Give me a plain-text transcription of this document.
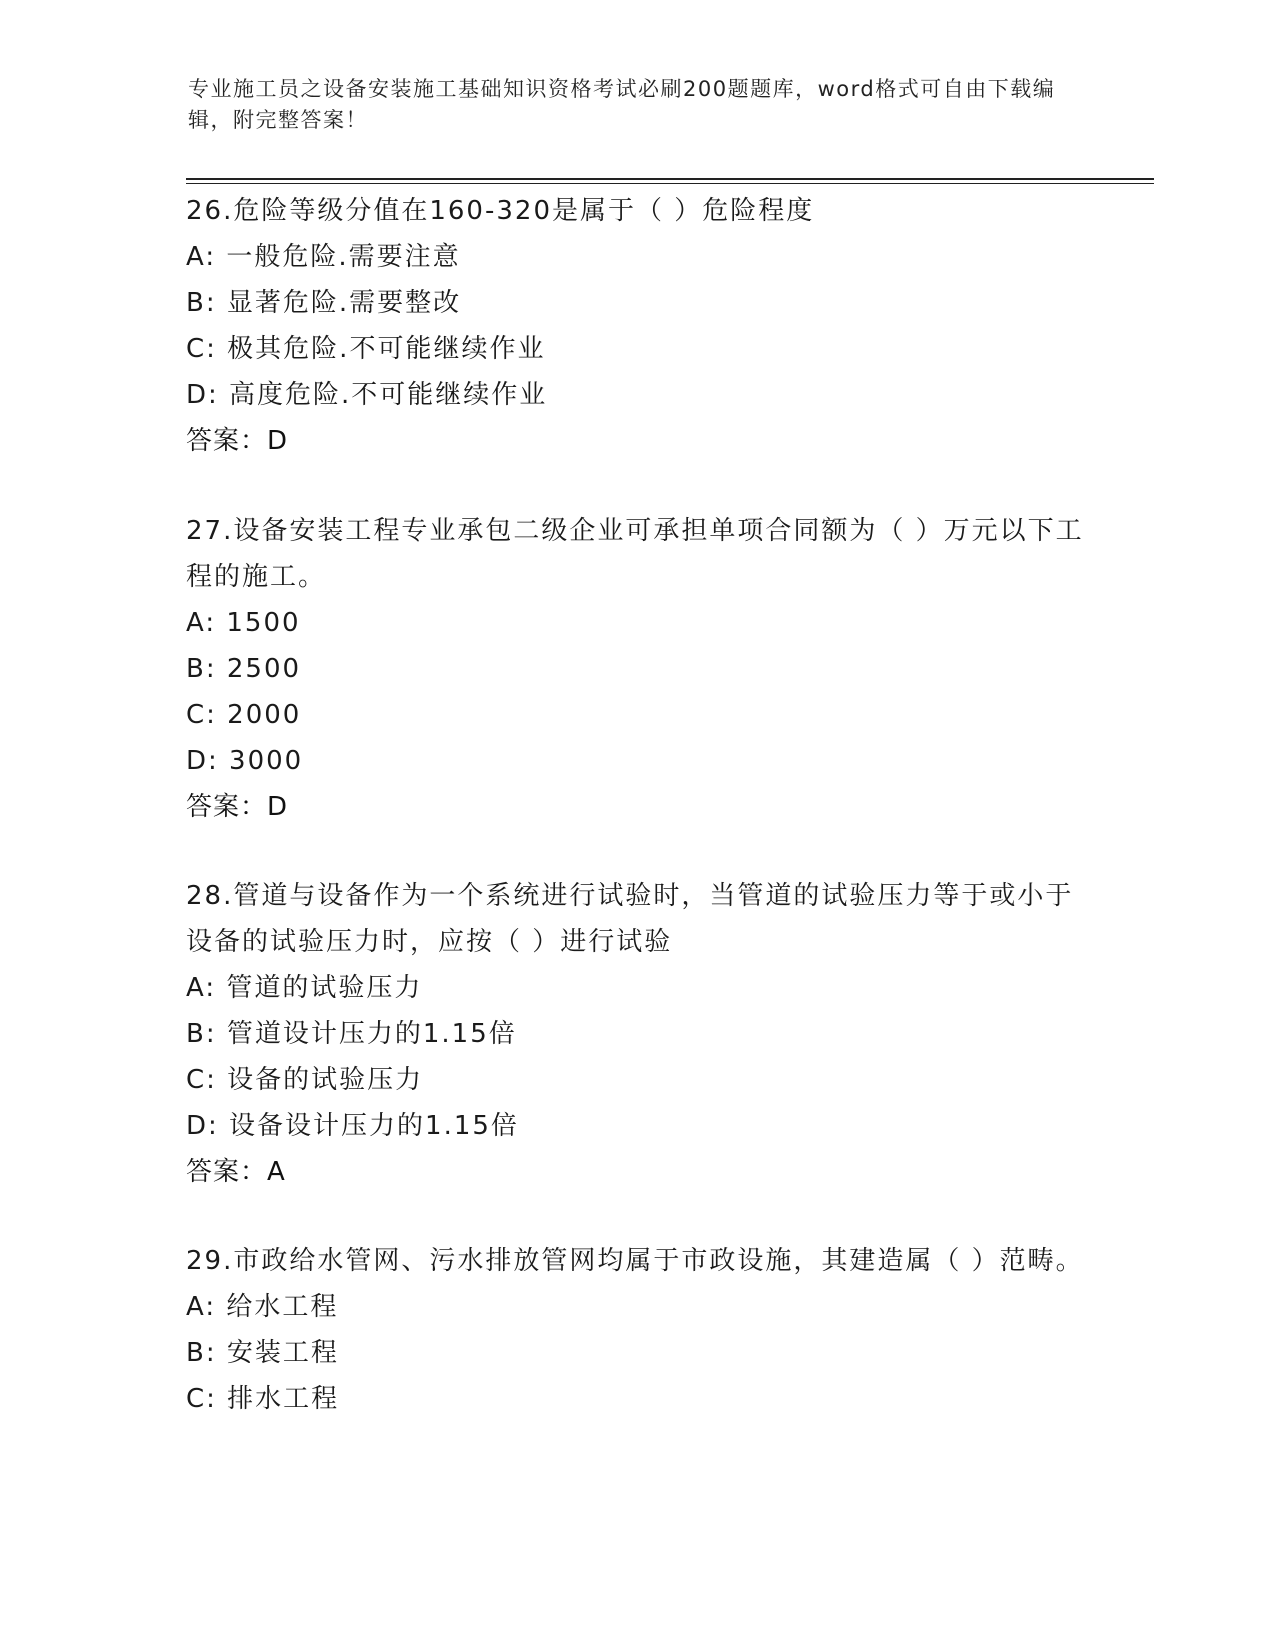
专业施工员之设备安装施工基础知识资格考试必刷200题题库，word格式可自由下载编辑，附完整答案！
26.危险等级分值在160-320是属于（ ）危险程度
A: 一般危险.需要注意
B: 显著危险.需要整改
C: 极其危险.不可能继续作业
D: 高度危险.不可能继续作业
答案：D
27.设备安装工程专业承包二级企业可承担单项合同额为（ ）万元以下工程的施工。
A: 1500
B: 2500
C: 2000
D: 3000
答案：D
28.管道与设备作为一个系统进行试验时，当管道的试验压力等于或小于设备的试验压力时，应按（ ）进行试验
A: 管道的试验压力
B: 管道设计压力的1.15倍
C: 设备的试验压力
D: 设备设计压力的1.15倍
答案：A
29.市政给水管网、污水排放管网均属于市政设施，其建造属（ ）范畴。
A: 给水工程
B: 安装工程
C: 排水工程
